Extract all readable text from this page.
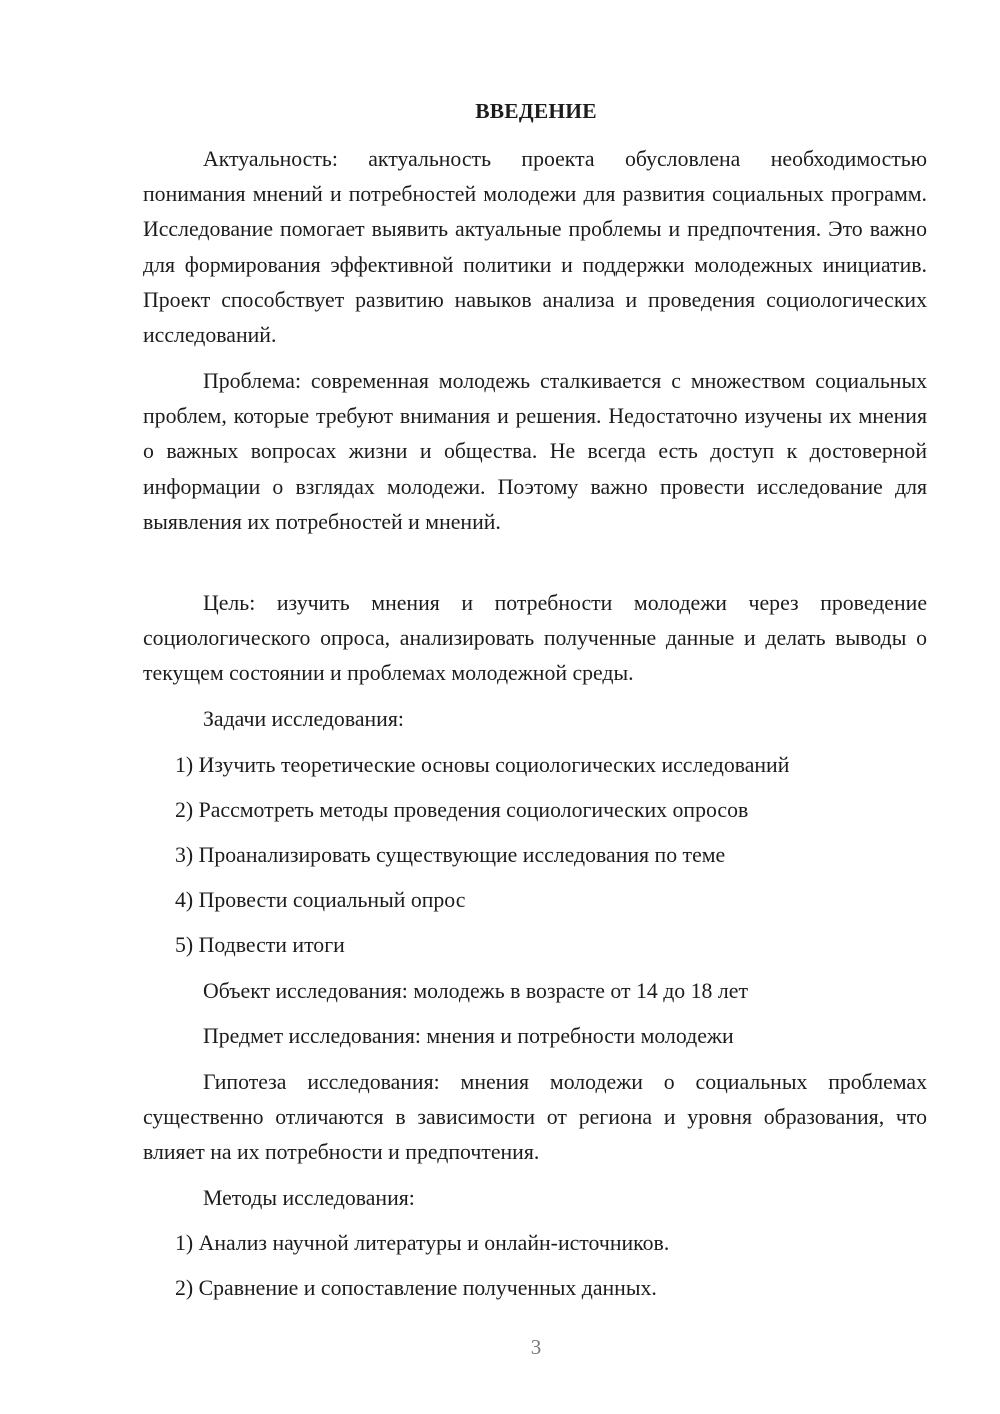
ВВЕДЕНИЕ

Актуальность: актуальность проекта обусловлена необходимостью понимания мнений и потребностей молодежи для развития социальных программ. Исследование помогает выявить актуальные проблемы и предпочтения. Это важно для формирования эффективной политики и поддержки молодежных инициатив. Проект способствует развитию навыков анализа и проведения социологических исследований.

Проблема: современная молодежь сталкивается с множеством социальных проблем, которые требуют внимания и решения. Недостаточно изучены их мнения о важных вопросах жизни и общества. Не всегда есть доступ к достоверной информации о взглядах молодежи. Поэтому важно провести исследование для выявления их потребностей и мнений.

Цель: изучить мнения и потребности молодежи через проведение социологического опроса, анализировать полученные данные и делать выводы о текущем состоянии и проблемах молодежной среды.

Задачи исследования:

1) Изучить теоретические основы социологических исследований

2) Рассмотреть методы проведения социологических опросов

3) Проанализировать существующие исследования по теме

4) Провести социальный опрос

5) Подвести итоги

Объект исследования: молодежь в возрасте от 14 до 18 лет

Предмет исследования: мнения и потребности молодежи

Гипотеза исследования: мнения молодежи о социальных проблемах существенно отличаются в зависимости от региона и уровня образования, что влияет на их потребности и предпочтения.

Методы исследования:

1) Анализ научной литературы и онлайн-источников.

2) Сравнение и сопоставление полученных данных.

3
